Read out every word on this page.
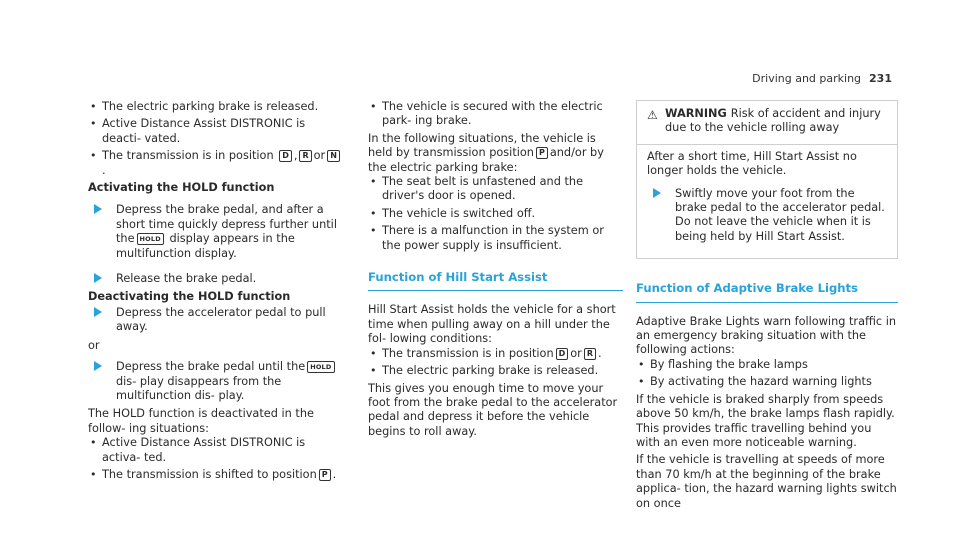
Driving and parking 231
• The electric parking brake is released.
• Active Distance Assist DISTRONIC is deacti- vated.
• The transmission is in position D , R or N.

Activating the HOLD function

Depress the brake pedal, and after a short time quickly depress further until the HOLD display appears in the multifunction display.
Release the brake pedal.

Deactivating the HOLD function

Depress the accelerator pedal to pull away.

or

Depress the brake pedal until the HOLDdis- play disappears from the multifunction dis- play.

The HOLD function is deactivated in the follow- ing situations:

• Active Distance Assist DISTRONIC is activa- ted.
• The transmission is shifted to position P .
• The vehicle is secured with the electric park- ing brake.

In the following situations, the vehicle is held by transmission position P and/or by the electric parking brake:

• The seat belt is unfastened and the driver's door is opened.
• The vehicle is switched off.
• There is a malfunction in the system or the power supply is insufficient.
Function of Hill Start Assist

Hill Start Assist holds the vehicle for a short time when pulling away on a hill under the fol- lowing conditions:

• The transmission is in position D or R .
• The electric parking brake is released.

This gives you enough time to move your foot from the brake pedal to the accelerator pedal and depress it before the vehicle begins to roll away.

⚠ WARNING Risk of accident and injury due to the vehicle rolling away

After a short time, Hill Start Assist no longer holds the vehicle.

Swiftly move your foot from the brake pedal to the accelerator pedal. Do not leave the vehicle when it is being held by Hill Start Assist.
Function of Adaptive Brake Lights

Adaptive Brake Lights warn following traffic in an emergency braking situation with the following actions:

• By flashing the brake lamps
• By activating the hazard warning lights

If the vehicle is braked sharply from speeds above 50 km/h, the brake lamps flash rapidly. This provides traffic travelling behind you with an even more noticeable warning.

If the vehicle is travelling at speeds of more than 70 km/h at the beginning of the brake applica- tion, the hazard warning lights switch on once
